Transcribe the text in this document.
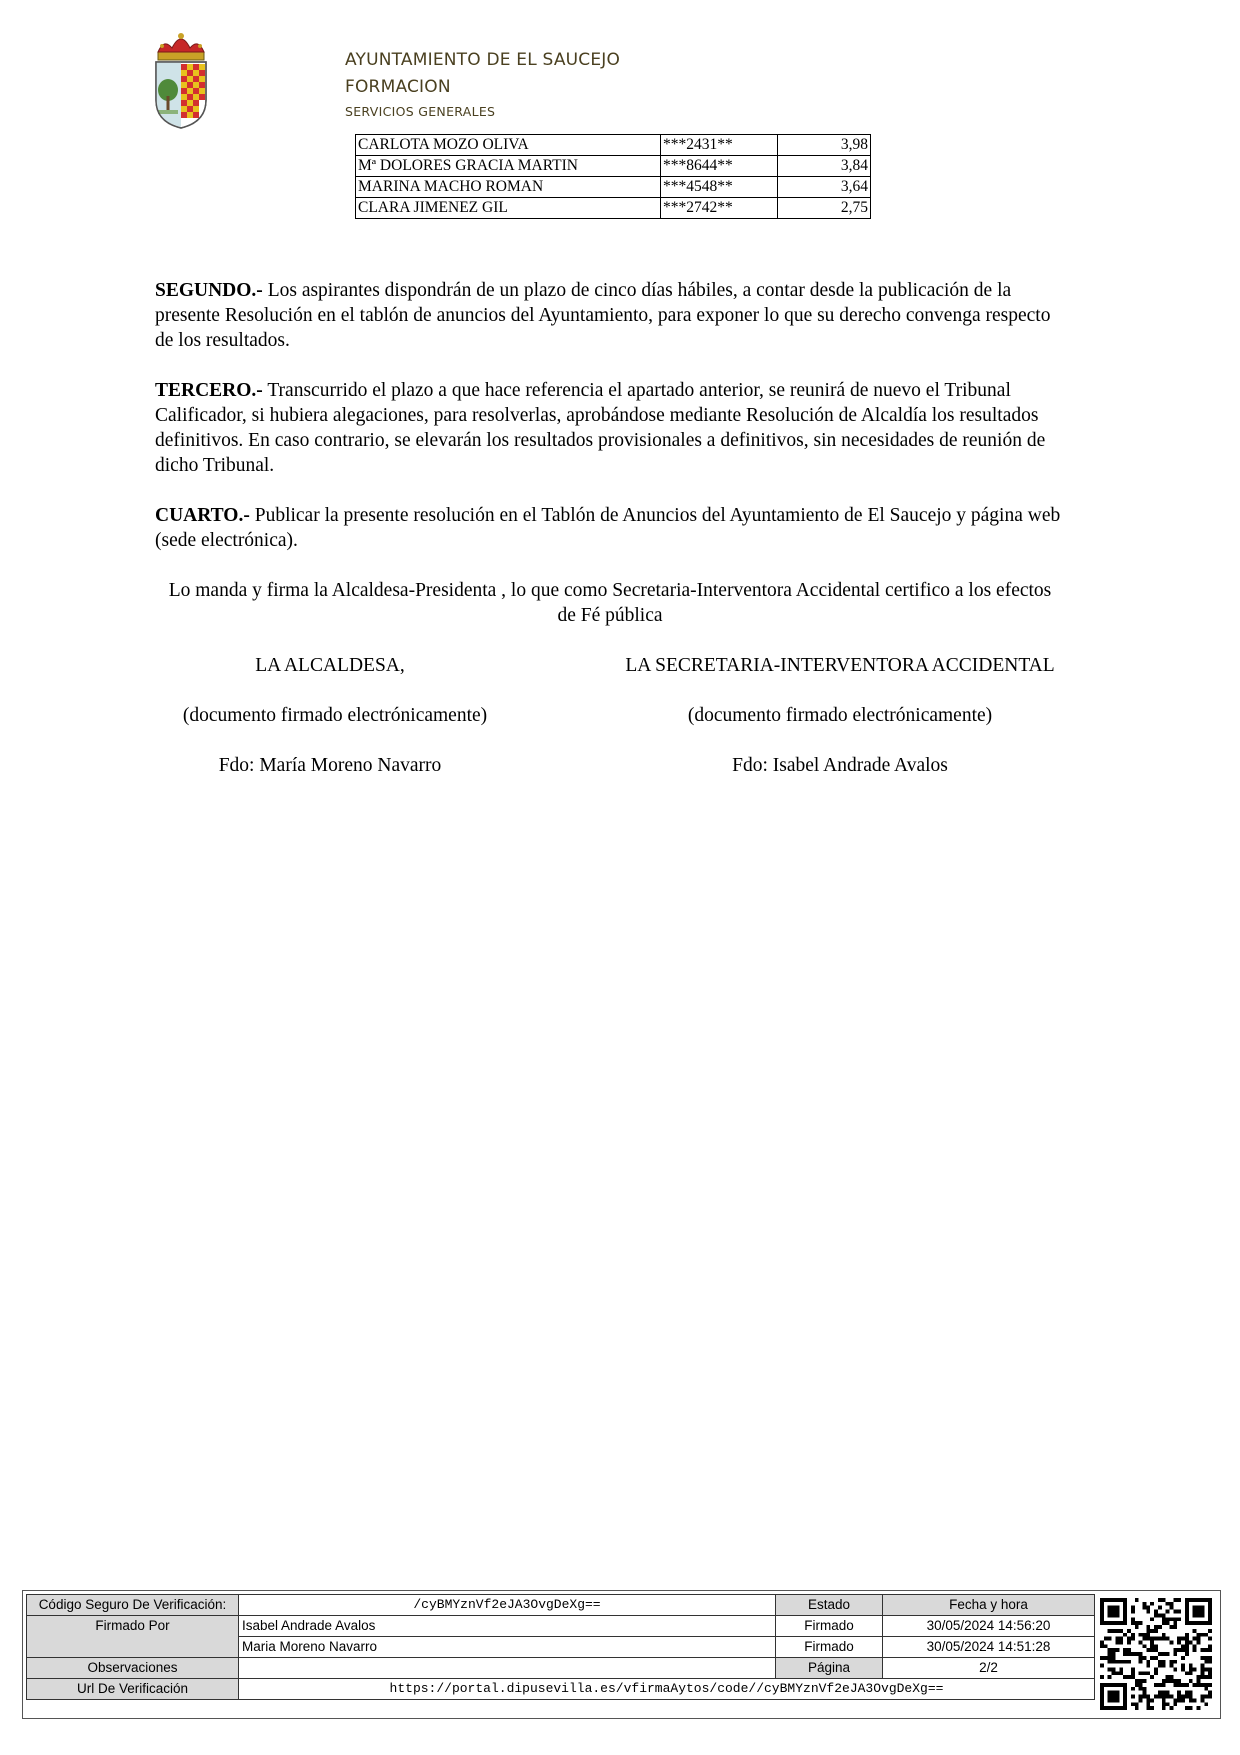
AYUNTAMIENTO DE EL SAUCEJO
FORMACION
SERVICIOS GENERALES
CARLOTA MOZO OLIVA	***2431**	3,98
Mª DOLORES GRACIA MARTIN	***8644**	3,84
MARINA MACHO ROMAN	***4548**	3,64
CLARA JIMENEZ GIL	***2742**	2,75
SEGUNDO.- Los aspirantes dispondrán de un plazo de cinco días hábiles, a contar desde la publicación de la presente Resolución en el tablón de anuncios del Ayuntamiento, para exponer lo que su derecho convenga respecto de los resultados.
TERCERO.- Transcurrido el plazo a que hace referencia el apartado anterior, se reunirá de nuevo el Tribunal Calificador, si hubiera alegaciones, para resolverlas, aprobándose mediante Resolución de Alcaldía los resultados definitivos. En caso contrario, se elevarán los resultados provisionales a definitivos, sin necesidades de reunión de dicho Tribunal.
CUARTO.- Publicar la presente resolución en el Tablón de Anuncios del Ayuntamiento de El Saucejo y página web (sede electrónica).
Lo manda y firma la Alcaldesa-Presidenta , lo que como Secretaria-Interventora Accidental certifico a los efectos de Fé pública
LA ALCALDESA,	LA SECRETARIA-INTERVENTORA ACCIDENTAL
(documento firmado electrónicamente)	(documento firmado electrónicamente)
Fdo: María Moreno Navarro	Fdo: Isabel Andrade Avalos
Código Seguro De Verificación:	/cyBMYznVf2eJA3OvgDeXg==	Estado	Fecha y hora
Firmado Por	Isabel Andrade Avalos	Firmado	30/05/2024 14:56:20
	Maria Moreno Navarro	Firmado	30/05/2024 14:51:28
Observaciones		Página	2/2
Url De Verificación	https://portal.dipusevilla.es/vfirmaAytos/code//cyBMYznVf2eJA3OvgDeXg==		
